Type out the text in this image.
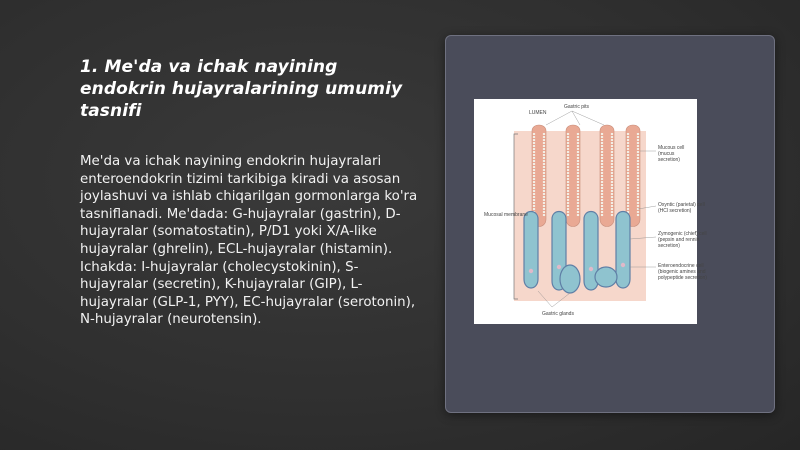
1. Me'da va ichak nayining endokrin hujayralarining umumiy tasnifi
Me'da va ichak nayining endokrin hujayralari enteroendokrin tizimi tarkibiga kiradi va asosan joylashuvi va ishlab chiqarilgan gormonlarga ko'ra tasniflanadi. Me'dada: G-hujayralar (gastrin), D-hujayralar (somatostatin), P/D1 yoki X/A-like hujayralar (ghrelin), ECL-hujayralar (histamin). Ichakda: I-hujayralar (cholecystokinin), S-hujayralar (secretin), K-hujayralar (GIP), L-hujayralar (GLP-1, PYY), EC-hujayralar (serotonin), N-hujayralar (neurotensin).
LUMEN
Gastric pits
Mucosal membrane
Gastric glands
Mucous cell
(mucus
secretion)
Oxyntic (parietal) cell
(HCl secretion)
Zymogenic (chief) cell
(pepsin and rennin
secretion)
Enteroendocrine cell
(biogenic amines and
polypeptide secretion)
